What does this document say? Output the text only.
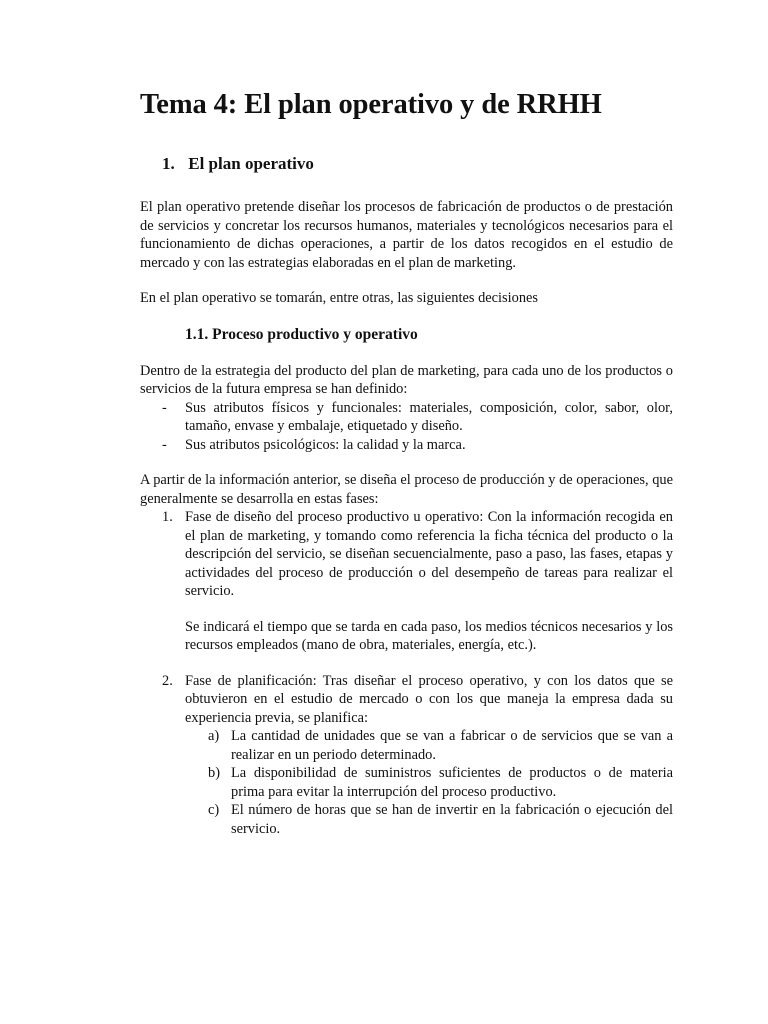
Tema 4: El plan operativo y de RRHH
1. El plan operativo

El plan operativo pretende diseñar los procesos de fabricación de productos o de prestación de servicios y concretar los recursos humanos, materiales y tecnológicos necesarios para el funcionamiento de dichas operaciones, a partir de los datos recogidos en el estudio de mercado y con las estrategias elaboradas en el plan de marketing.

En el plan operativo se tomarán, entre otras, las siguientes decisiones

1.1. Proceso productivo y operativo

Dentro de la estrategia del producto del plan de marketing, para cada uno de los productos o servicios de la futura empresa se han definido:

- Sus atributos físicos y funcionales: materiales, composición, color, sabor, olor, tamaño, envase y embalaje, etiquetado y diseño.
- Sus atributos psicológicos: la calidad y la marca.

A partir de la información anterior, se diseña el proceso de producción y de operaciones, que generalmente se desarrolla en estas fases:

1. Fase de diseño del proceso productivo u operativo: Con la información recogida en el plan de marketing, y tomando como referencia la ficha técnica del producto o la descripción del servicio, se diseñan secuencialmente, paso a paso, las fases, etapas y actividades del proceso de producción o del desempeño de tareas para realizar el servicio.
Se indicará el tiempo que se tarda en cada paso, los medios técnicos necesarios y los recursos empleados (mano de obra, materiales, energía, etc.).
2. Fase de planificación: Tras diseñar el proceso operativo, y con los datos que se obtuvieron en el estudio de mercado o con los que maneja la empresa dada su experiencia previa, se planifica:
a) La cantidad de unidades que se van a fabricar o de servicios que se van a realizar en un periodo determinado.
b) La disponibilidad de suministros suficientes de productos o de materia prima para evitar la interrupción del proceso productivo.
c) El número de horas que se han de invertir en la fabricación o ejecución del servicio.
